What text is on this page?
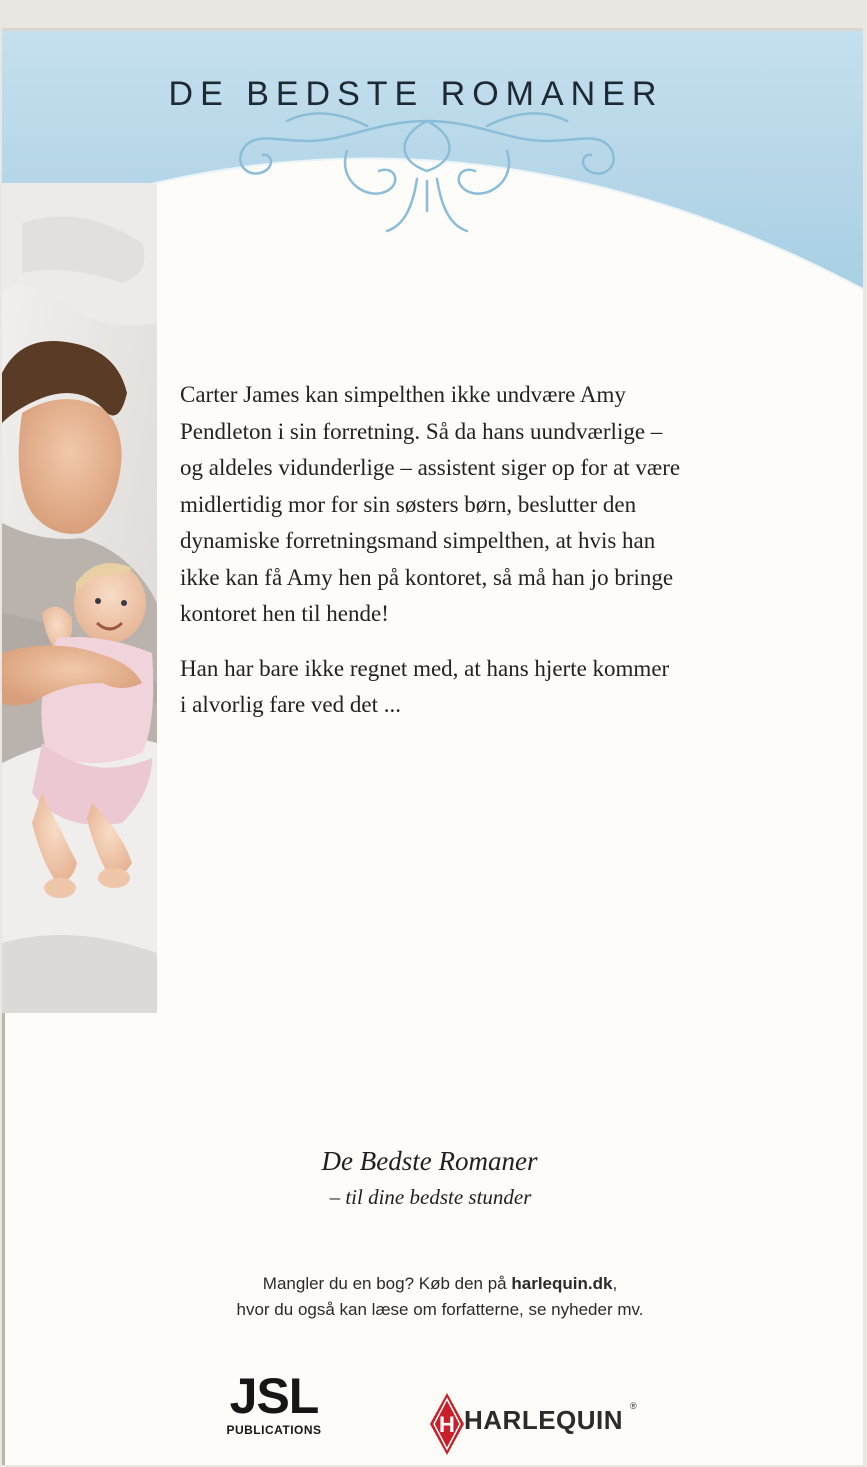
DE BEDSTE ROMANER

Carter James kan simpelthen ikke undvære Amy
Pendleton i sin forretning. Så da hans uundværlige –
og aldeles vidunderlige – assistent siger op for at være
midlertidig mor for sin søsters børn, beslutter den
dynamiske forretningsmand simpelthen, at hvis han
ikke kan få Amy hen på kontoret, så må han jo bringe
kontoret hen til hende!

Han har bare ikke regnet med, at hans hjerte kommer
i alvorlig fare ved det ...

De Bedste Romaner
– til dine bedste stunder
Mangler du en bog? Køb den på harlequin.dk,
hvor du også kan læse om forfatterne, se nyheder mv.
JSL
PUBLICATIONS	H HARLEQUIN ®
